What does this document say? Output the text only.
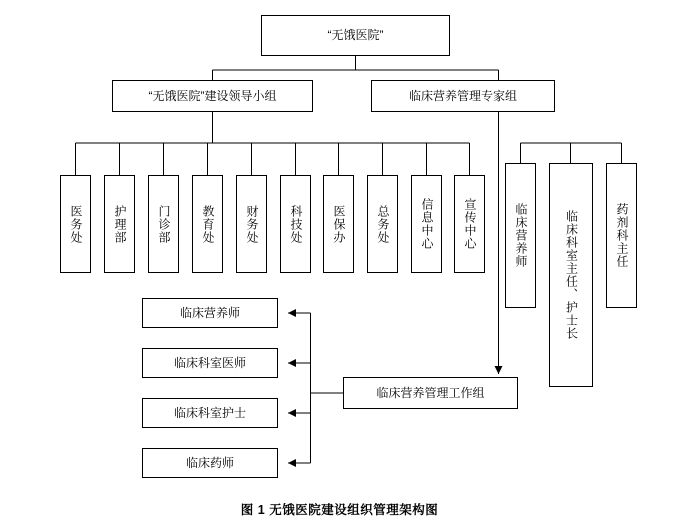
“无饿医院”
“无饿医院”建设领导小组	临床营养管理专家组
医务处	护理部	门诊部	教育处	财务处	科技处 医保办	总务处	信息中心 宣传中心	临床营养师	临床科室主任、护士长	药剂科主任
临床营养管理工作组
临床营养师
临床科室医师
临床科室护士
临床药师
图 1 无饿医院建设组织管理架构图
